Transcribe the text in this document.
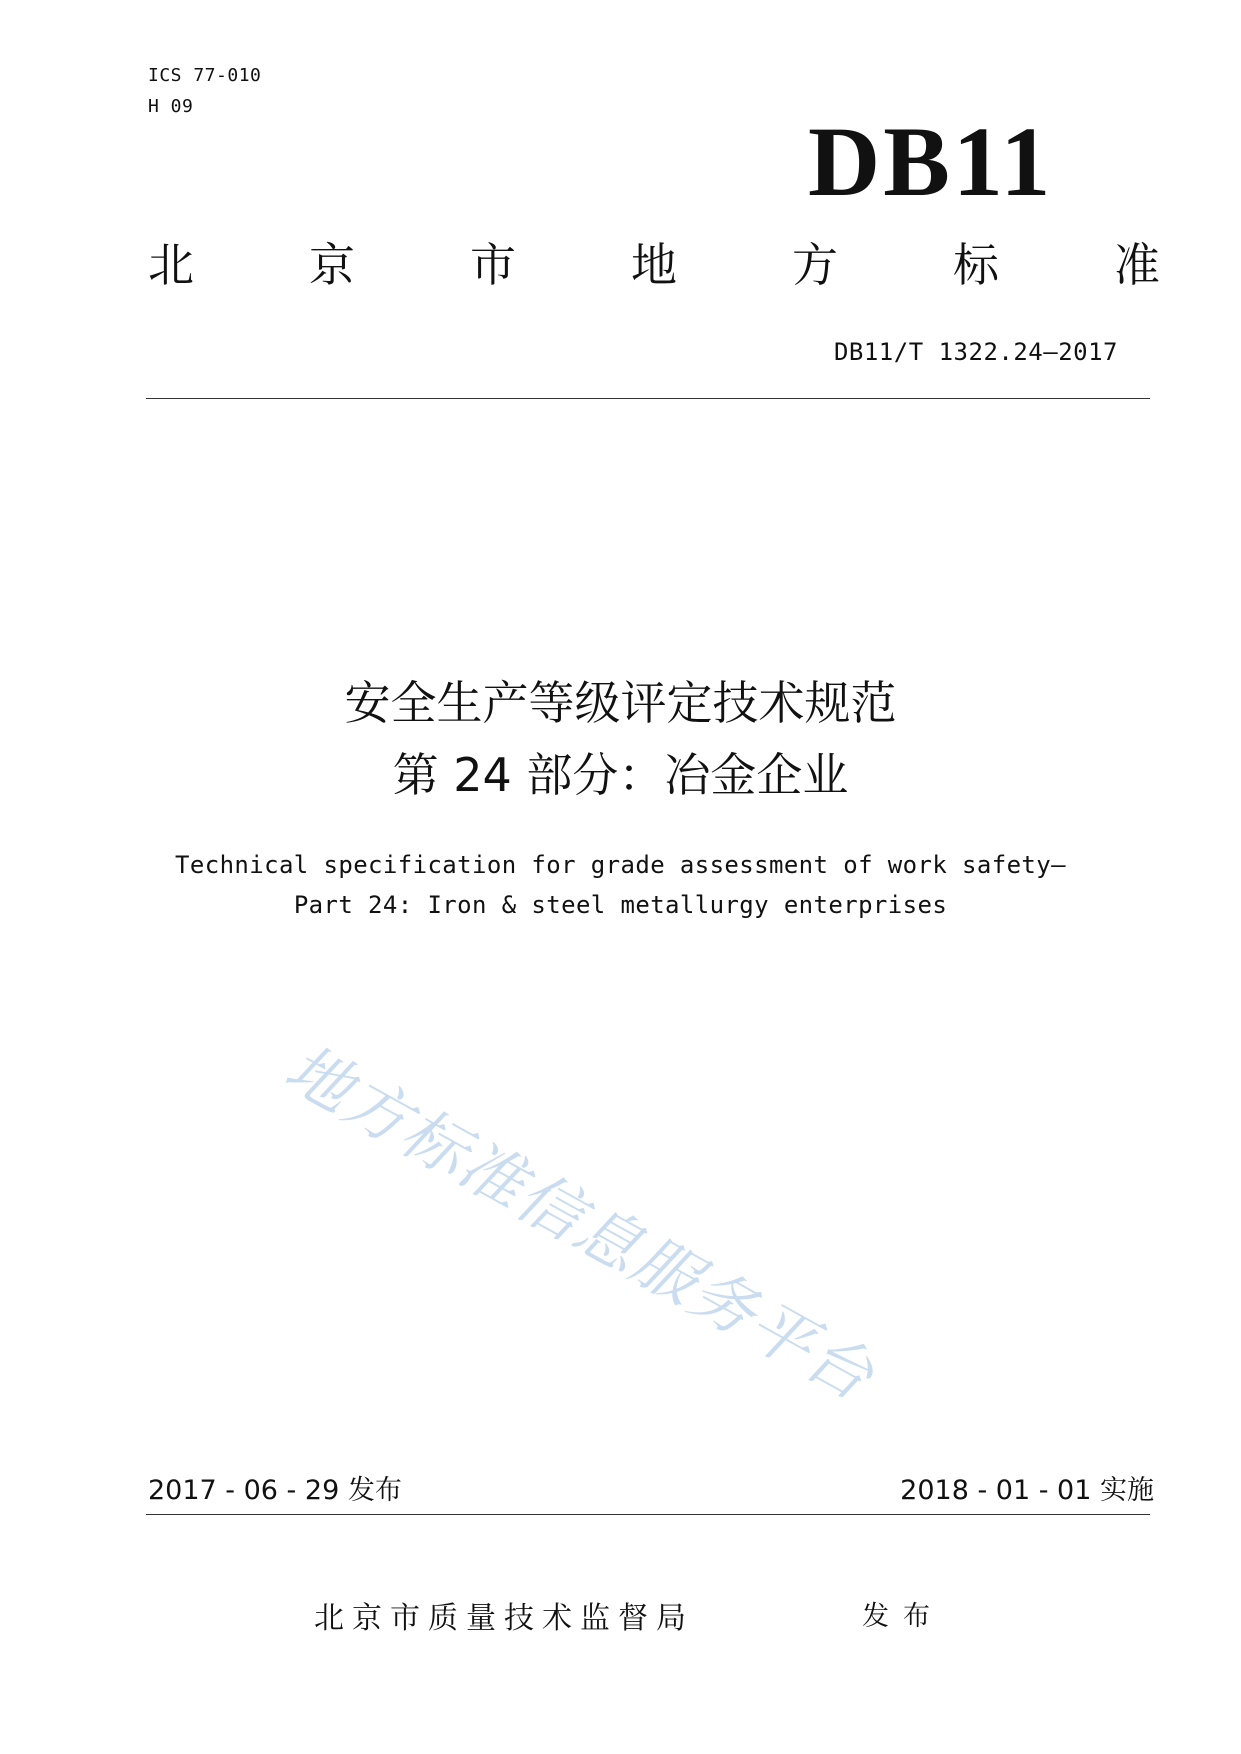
ICS 77-010
H 09	DB11
北	京	市	地	方	标	准
DB11/T 1322.24—2017
安全生产等级评定技术规范
第 24 部分：冶金企业
Technical specification for grade assessment of work safety—
Part 24: Iron & steel metallurgy enterprises
地方标准信息服务平台
2017 - 06 - 29 发布	2018 - 01 - 01 实施
北京市质量技术监督局	发布
